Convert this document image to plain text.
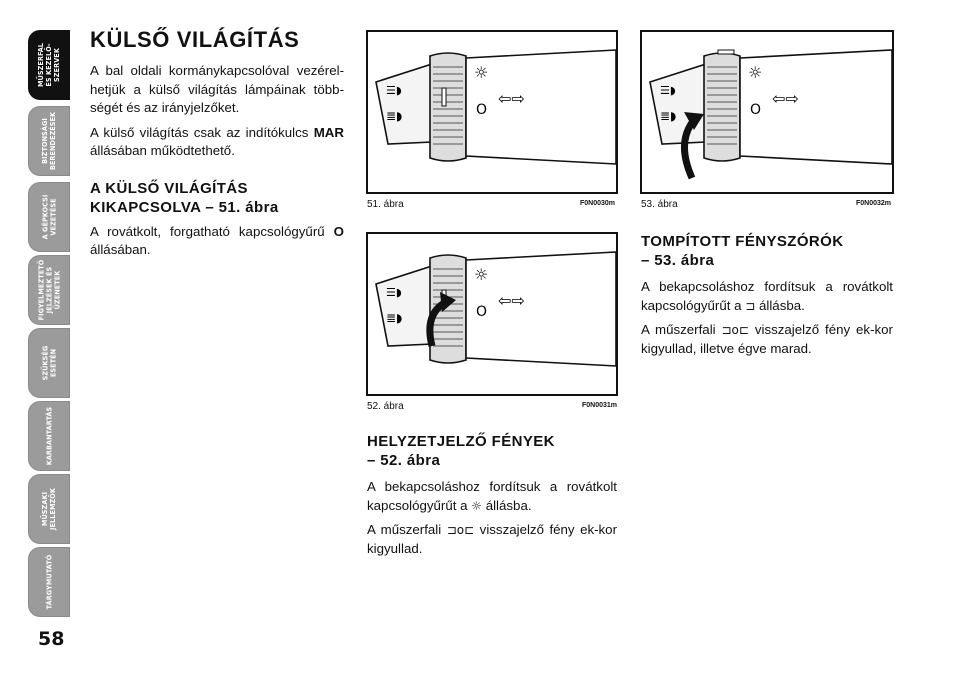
MŰSZERFAL
ÉS KEZELŐ-
SZERVEK
BIZTONSÁGI
BERENDEZÉSEK
A GÉPKOCSI
VEZETÉSE
FIGYELMEZTETŐ
JELZÉSEK ÉS
ÜZENETEK
SZÜKSÉG
ESETÉN
KARBANTARTÁS
MŰSZAKI
JELLEMZŐK
TÁRGYMUTATÓ
58
KÜLSŐ VILÁGÍTÁS

A bal oldali kormánykapcsolóval vezérel-hetjük a külső világítás lámpáinak több-ségét és az irányjelzőket.

A külső világítás csak az indítókulcs MAR állásában működtethető.

A KÜLSŐ VILÁGÍTÁS
KIKAPCSOLVA – 51. ábra

A rovátkolt, forgatható kapcsológyűrű O állásában.

☰◗
≣◗
☼
O
⇦⇨
51. ábra	F0N0030m
☰◗
≣◗
☼
O
⇦⇨
52. ábra	F0N0031m
HELYZETJELZŐ FÉNYEK
– 52. ábra

A bekapcsoláshoz fordítsuk a rovátkolt kapcsológyűrűt a ☼ állásba.

A műszerfali ⊐o⊏ visszajelző fény ek-kor kigyullad.

☰◗
≣◗
☼
O
⇦⇨
53. ábra	F0N0032m
TOMPÍTOTT FÉNYSZÓRÓK
– 53. ábra

A bekapcsoláshoz fordítsuk a rovátkolt kapcsológyűrűt a ⊐ állásba.

A műszerfali ⊐o⊏ visszajelző fény ek-kor kigyullad, illetve égve marad.
